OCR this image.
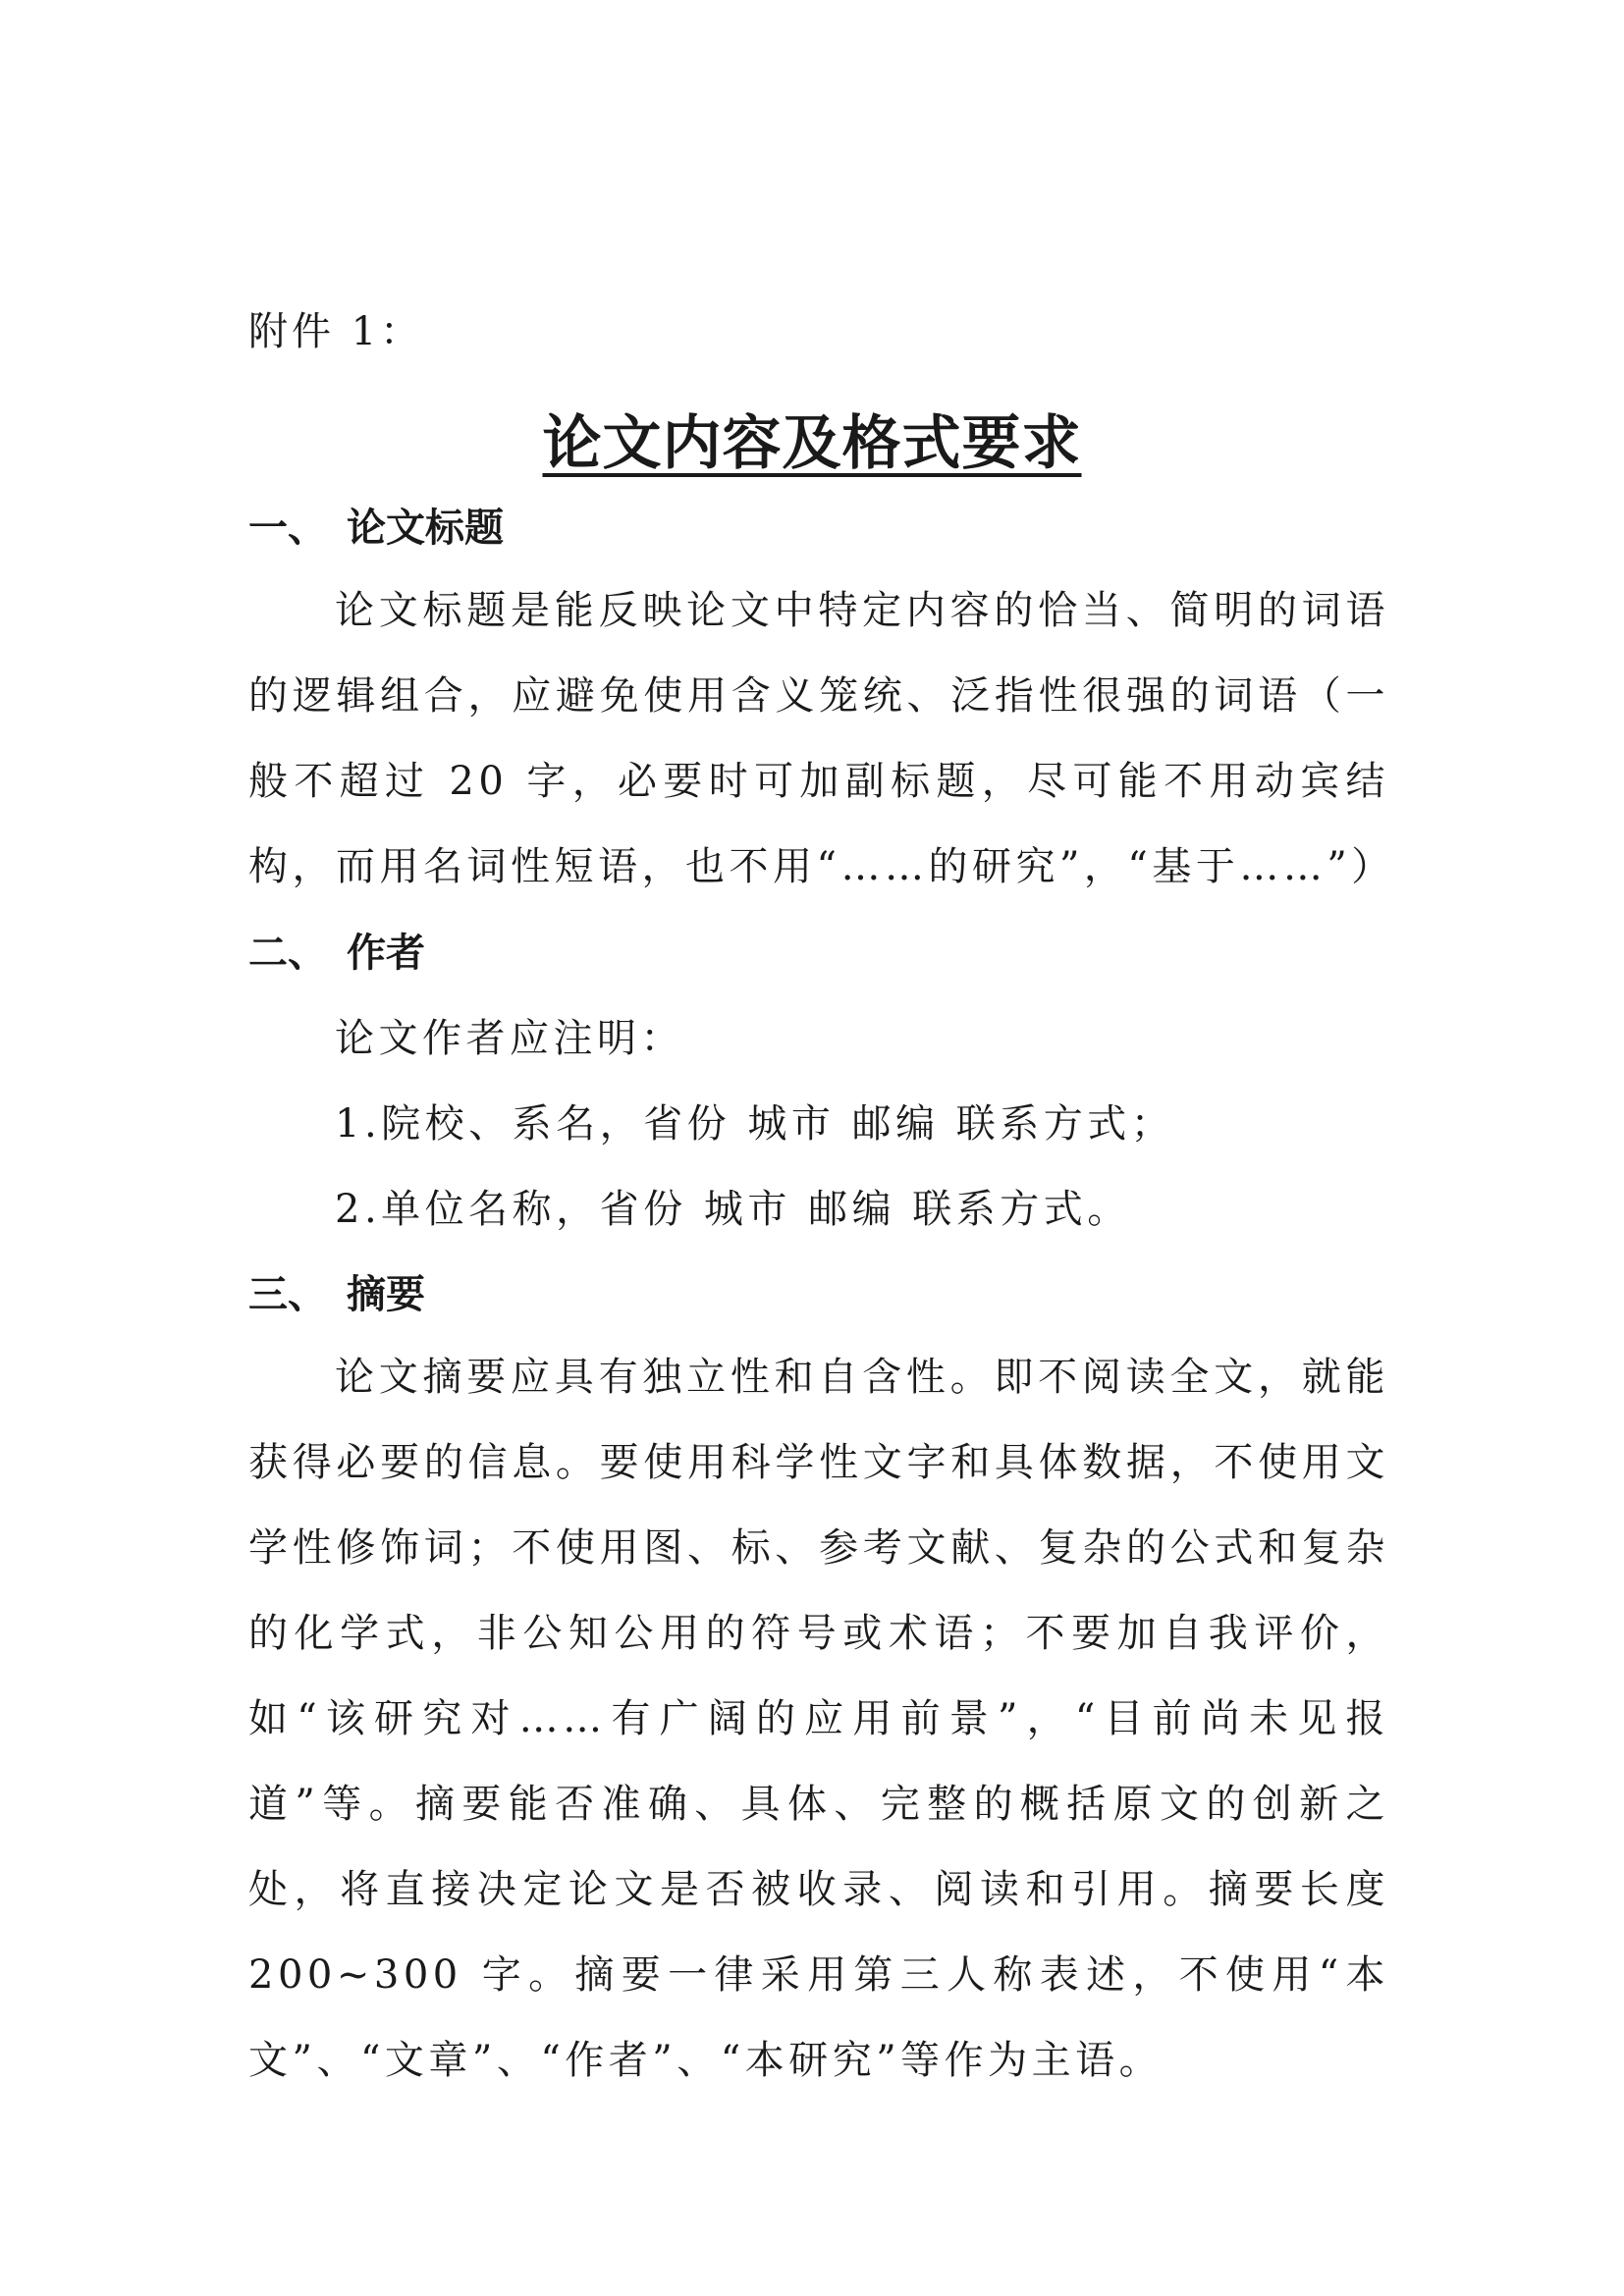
附件 1：
论文内容及格式要求
一、 论文标题

论文标题是能反映论文中特定内容的恰当、简明的词语的逻辑组合，应避免使用含义笼统、泛指性很强的词语（一般不超过 20 字，必要时可加副标题，尽可能不用动宾结构，而用名词性短语，也不用“……的研究”，“基于……”）

二、 作者
论文作者应注明：
1.院校、系名，省份 城市 邮编 联系方式；
2.单位名称，省份 城市 邮编 联系方式。
三、 摘要

论文摘要应具有独立性和自含性。即不阅读全文，就能获得必要的信息。要使用科学性文字和具体数据，不使用文学性修饰词；不使用图、标、参考文献、复杂的公式和复杂的化学式，非公知公用的符号或术语；不要加自我评价，如“该研究对……有广阔的应用前景”，“目前尚未见报道”等。摘要能否准确、具体、完整的概括原文的创新之处，将直接决定论文是否被收录、阅读和引用。摘要长度 200~300 字。摘要一律采用第三人称表述，不使用“本文”、“文章”、“作者”、“本研究”等作为主语。
